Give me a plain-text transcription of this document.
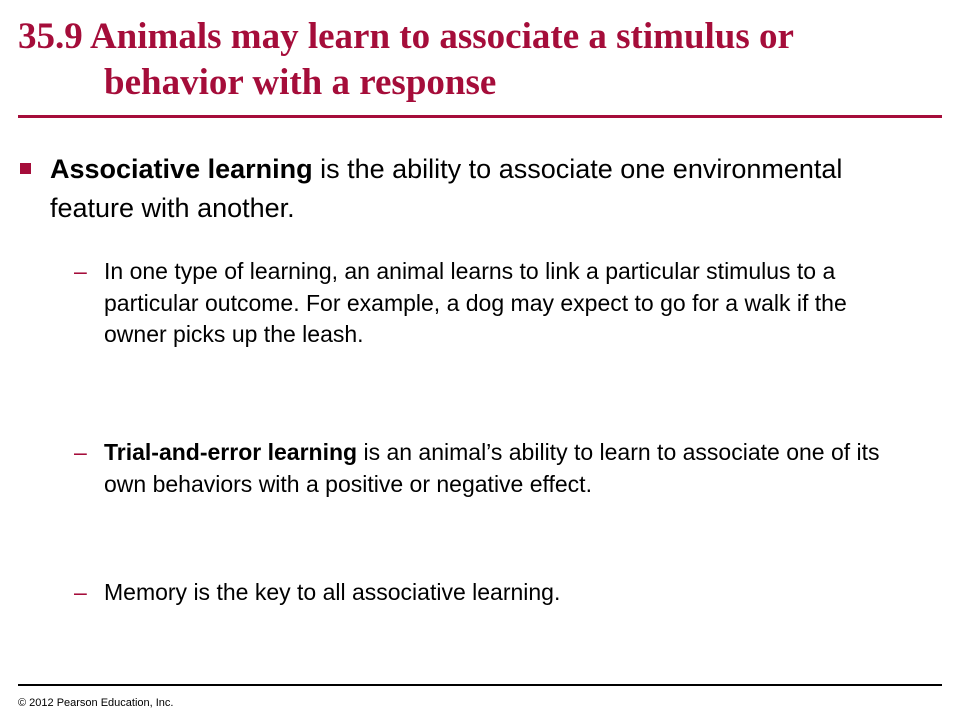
35.9 Animals may learn to associate a stimulus or
behavior with a response
Associative learning is the ability to associate one environmental feature with another.
– In one type of learning, an animal learns to link a particular stimulus to a particular outcome. For example, a dog may expect to go for a walk if the owner picks up the leash.
– Trial-and-error learning is an animal’s ability to learn to associate one of its own behaviors with a positive or negative effect.
– Memory is the key to all associative learning.
© 2012 Pearson Education, Inc.
